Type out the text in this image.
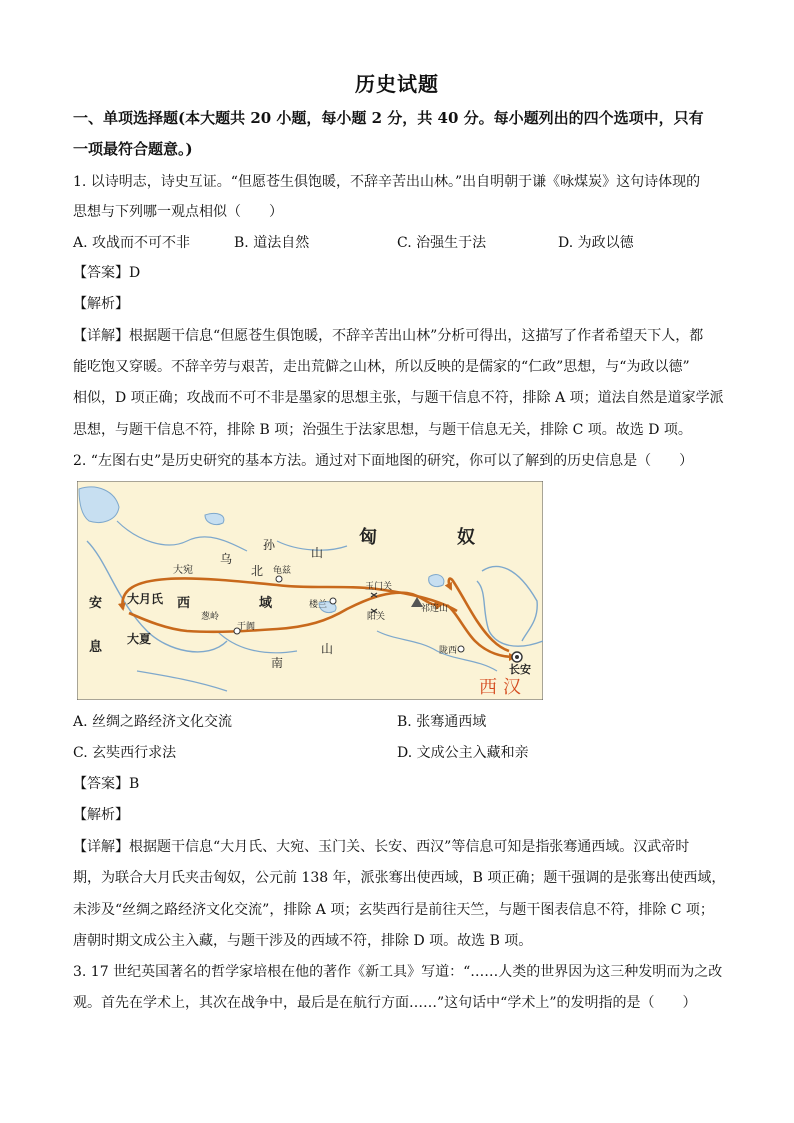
历史试题
一、单项选择题(本大题共 20 小题，每小题 2 分，共 40 分。每小题列出的四个选项中，只有
一项最符合题意。)
1. 以诗明志，诗史互证。“但愿苍生俱饱暖，不辞辛苦出山林。”出自明朝于谦《咏煤炭》这句诗体现的
思想与下列哪一观点相似（　　）
A. 攻战而不可不非	B. 道法自然	C. 治强生于法	D. 为政以德
【答案】D
【解析】
【详解】根据题干信息“但愿苍生俱饱暖，不辞辛苦出山林”分析可得出，这描写了作者希望天下人，都
能吃饱又穿暖。不辞辛劳与艰苦，走出荒僻之山林，所以反映的是儒家的“仁政”思想，与“为政以德”
相似，D 项正确；攻战而不可不非是墨家的思想主张，与题干信息不符，排除 A 项；道法自然是道家学派
思想，与题干信息不符，排除 B 项；治强生于法家思想，与题干信息无关，排除 C 项。故选 D 项。
2. “左图右史”是历史研究的基本方法。通过对下面地图的研究，你可以了解到的历史信息是（　　）
匈	奴
乌
孙
山
北 龟兹
大宛
玉门关
安
息
大月氏 西	域	楼兰
阳关
祁连山
葱岭
大夏
于阗
陇西
长安
南
山
西汉
A. 丝绸之路经济文化交流	B. 张骞通西域
C. 玄奘西行求法	D. 文成公主入藏和亲
【答案】B
【解析】
【详解】根据题干信息“大月氏、大宛、玉门关、长安、西汉”等信息可知是指张骞通西域。汉武帝时
期，为联合大月氏夹击匈奴，公元前 138 年，派张骞出使西域，B 项正确；题干强调的是张骞出使西域，
未涉及“丝绸之路经济文化交流”，排除 A 项；玄奘西行是前往天竺，与题干图表信息不符，排除 C 项；
唐朝时期文成公主入藏，与题干涉及的西域不符，排除 D 项。故选 B 项。
3. 17 世纪英国著名的哲学家培根在他的著作《新工具》写道：“……人类的世界因为这三种发明而为之改
观。首先在学术上，其次在战争中，最后是在航行方面……”这句话中“学术上”的发明指的是（　　）
